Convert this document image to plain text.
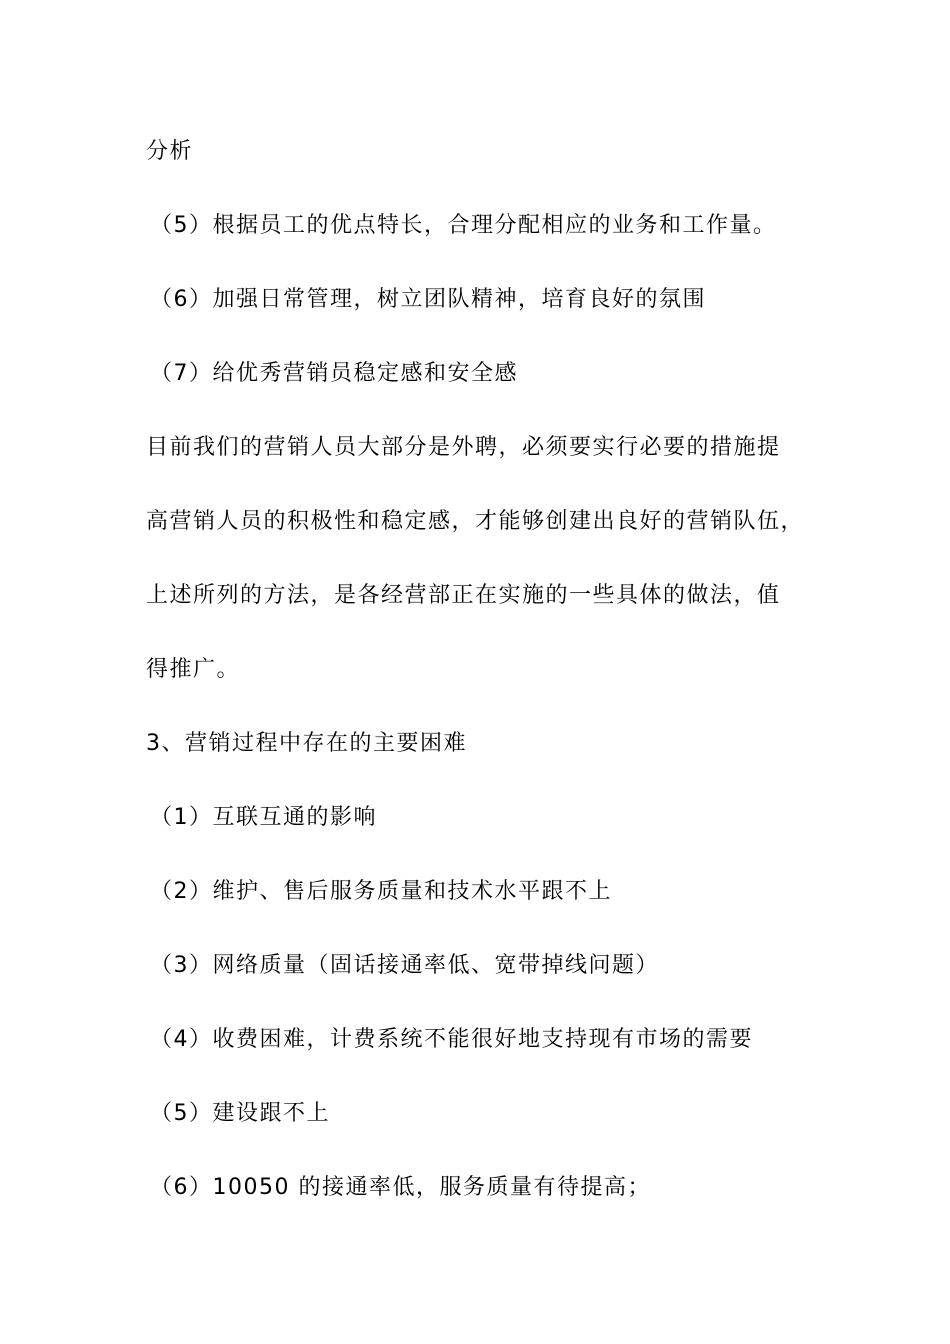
分析
（5）根据员工的优点特长，合理分配相应的业务和工作量。
（6）加强日常管理，树立团队精神，培育良好的氛围
（7）给优秀营销员稳定感和安全感
目前我们的营销人员大部分是外聘，必须要实行必要的措施提
高营销人员的积极性和稳定感，才能够创建出良好的营销队伍，
上述所列的方法，是各经营部正在实施的一些具体的做法，值
得推广。
3、营销过程中存在的主要困难
（1）互联互通的影响
（2）维护、售后服务质量和技术水平跟不上
（3）网络质量（固话接通率低、宽带掉线问题）
（4）收费困难，计费系统不能很好地支持现有市场的需要
（5）建设跟不上
（6）10050 的接通率低，服务质量有待提高；
